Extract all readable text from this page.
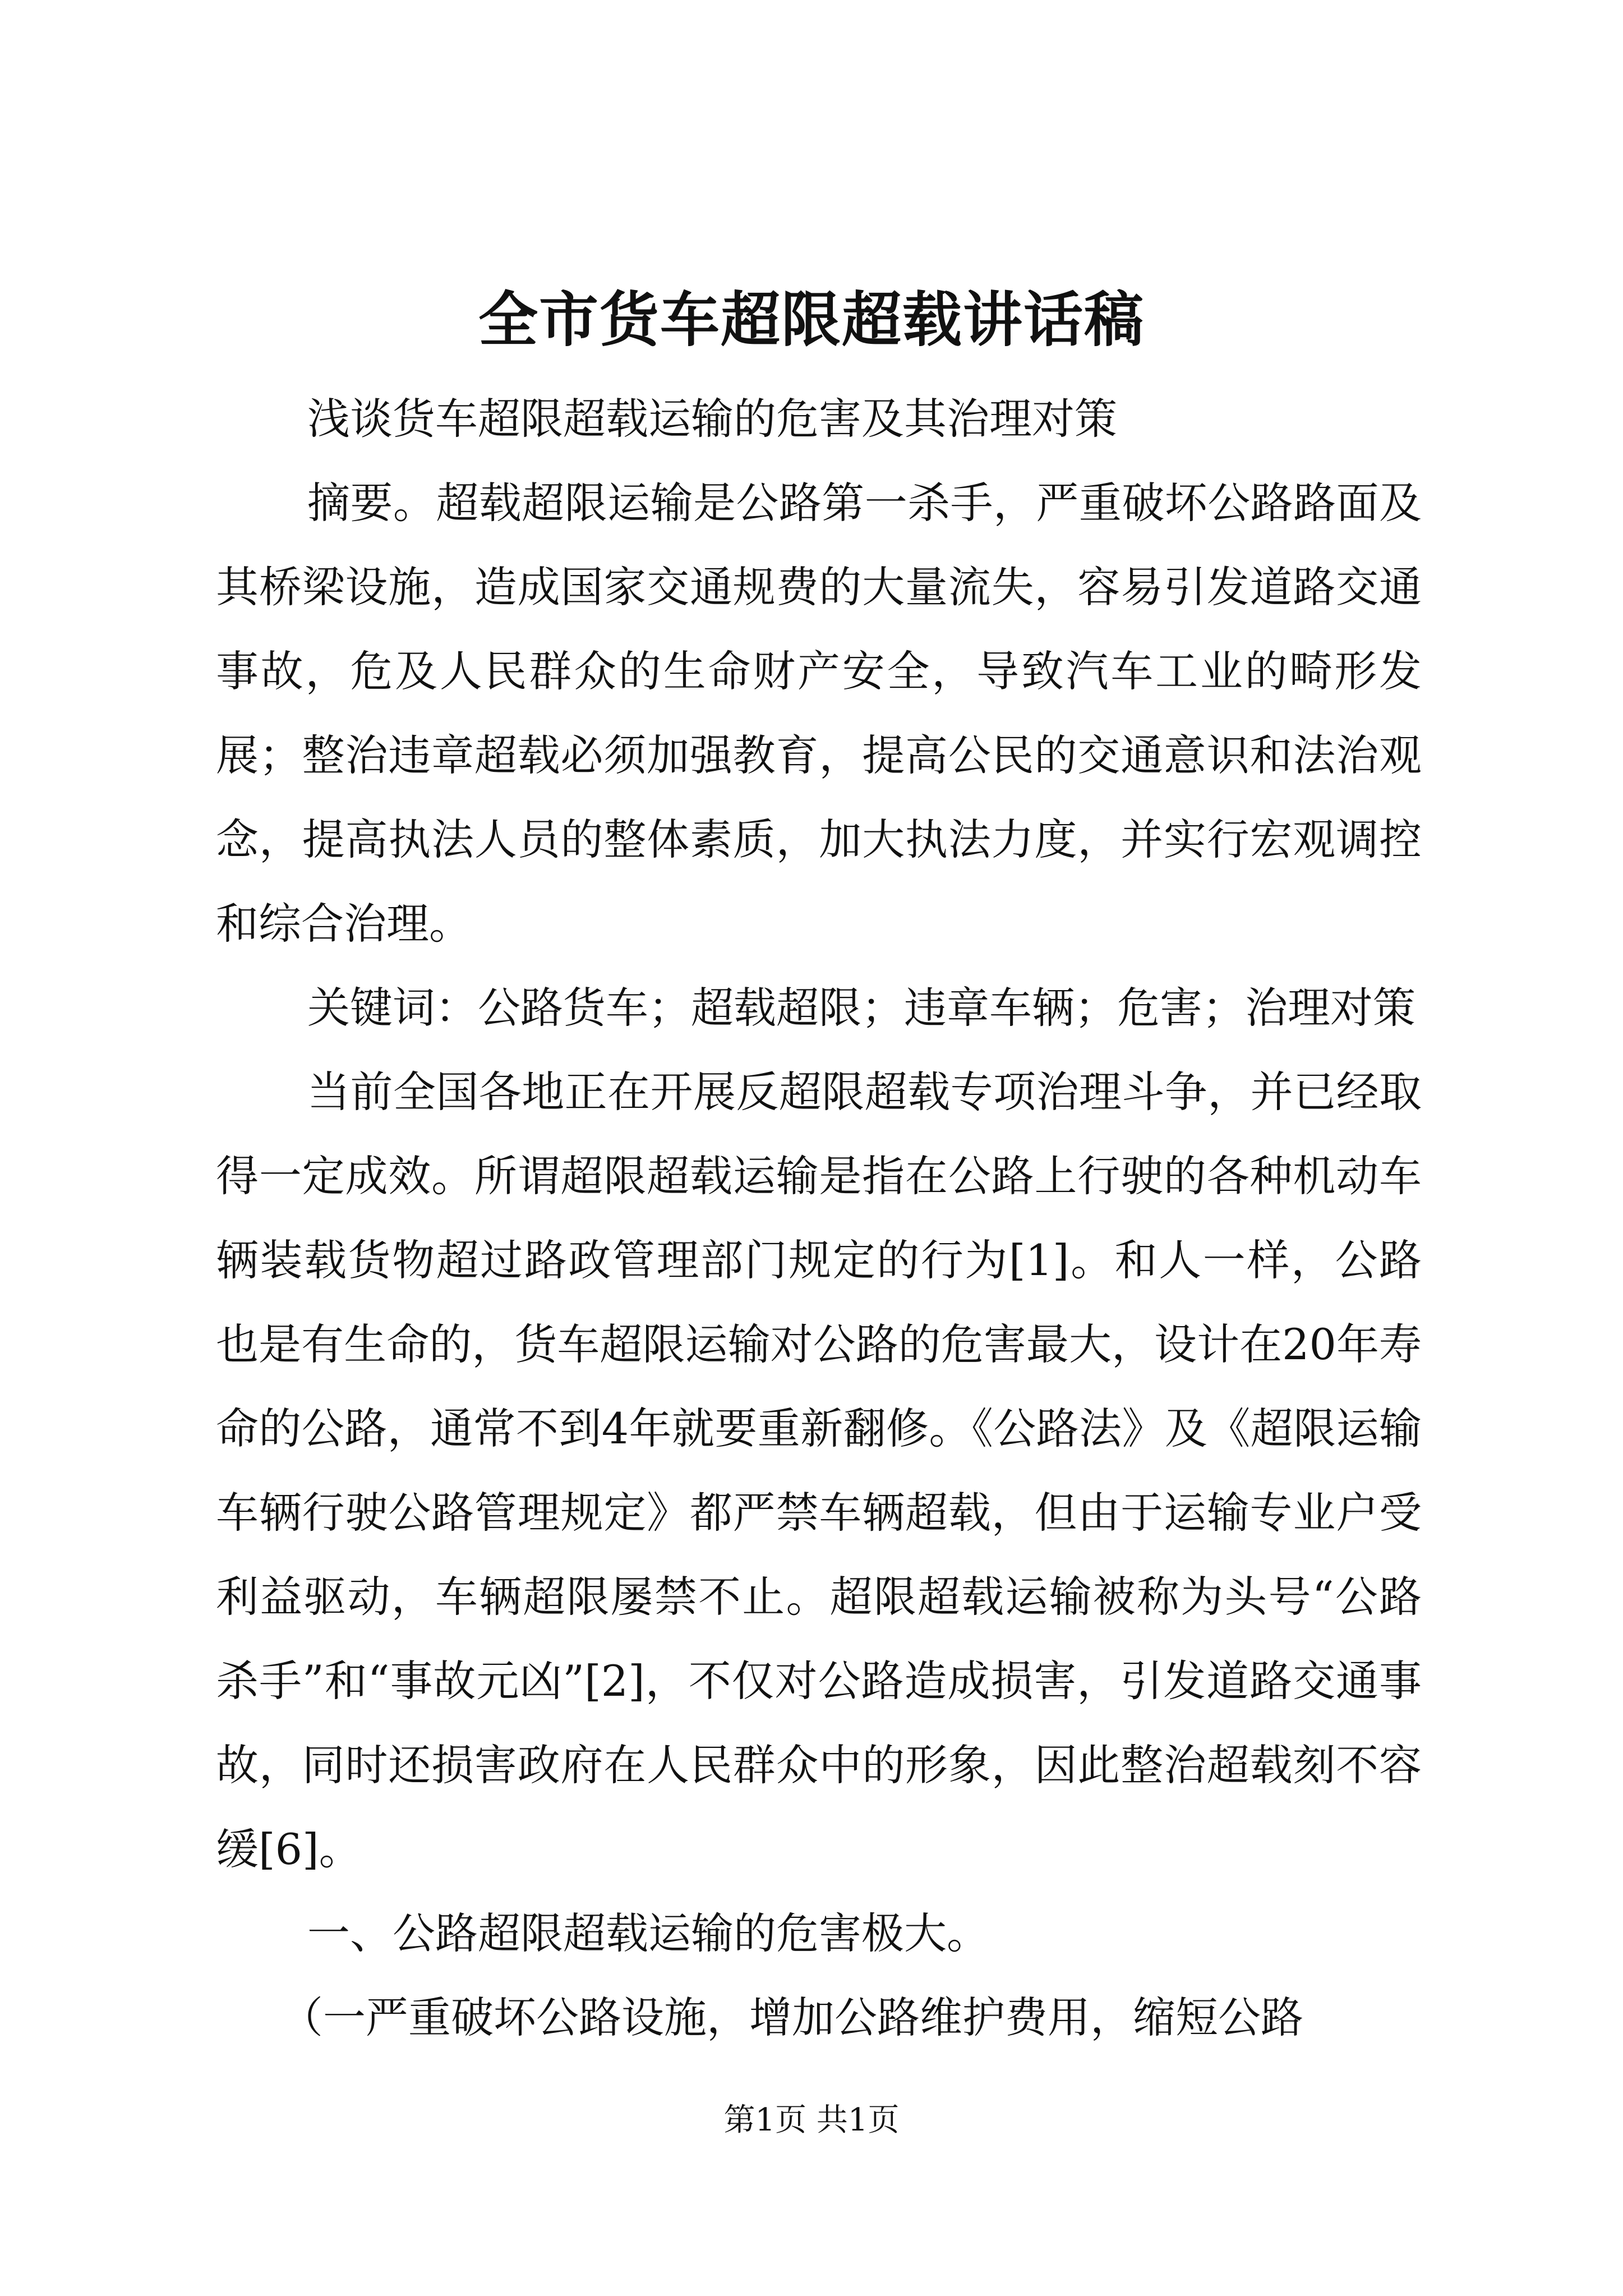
全市货车超限超载讲话稿

浅谈货车超限超载运输的危害及其治理对策

摘要。超载超限运输是公路第一杀手，严重破坏公路路面及其桥梁设施，造成国家交通规费的大量流失，容易引发道路交通事故，危及人民群众的生命财产安全，导致汽车工业的畸形发展；整治违章超载必须加强教育，提高公民的交通意识和法治观念，提高执法人员的整体素质，加大执法力度，并实行宏观调控和综合治理。

关键词：公路货车；超载超限；违章车辆；危害；治理对策

当前全国各地正在开展反超限超载专项治理斗争，并已经取得一定成效。所谓超限超载运输是指在公路上行驶的各种机动车辆装载货物超过路政管理部门规定的行为[1]。和人一样，公路也是有生命的，货车超限运输对公路的危害最大，设计在20年寿命的公路，通常不到4年就要重新翻修。《公路法》及《超限运输车辆行驶公路管理规定》都严禁车辆超载，但由于运输专业户受利益驱动，车辆超限屡禁不止。超限超载运输被称为头号“公路杀手”和“事故元凶”[2]，不仅对公路造成损害，引发道路交通事故，同时还损害政府在人民群众中的形象，因此整治超载刻不容缓[6]。

一、公路超限超载运输的危害极大。

（一严重破坏公路设施，增加公路维护费用，缩短公路

第1页 共1页
